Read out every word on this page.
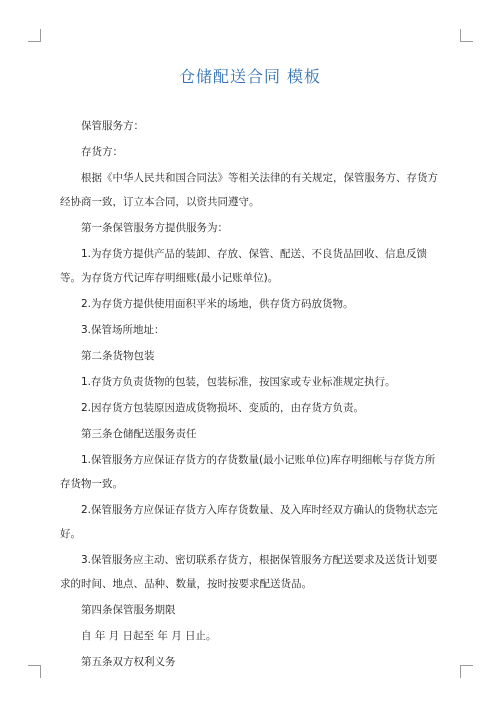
仓储配送合同 模板

保管服务方：

存货方：

根据《中华人民共和国合同法》等相关法律的有关规定，保管服务方、存货方经协商一致，订立本合同，以资共同遵守。

第一条保管服务方提供服务为：

1.为存货方提供产品的装卸、存放、保管、配送、不良货品回收、信息反馈等。为存货方代记库存明细账(最小记账单位)。

2.为存货方提供使用面积平米的场地，供存货方码放货物。

3.保管场所地址：

第二条货物包装

1.存货方负责货物的包装，包装标准，按国家或专业标准规定执行。

2.因存货方包装原因造成货物损坏、变质的，由存货方负责。

第三条仓储配送服务责任

1.保管服务方应保证存货方的存货数量(最小记账单位)库存明细帐与存货方所存货物一致。

2.保管服务方应保证存货方入库存货数量、及入库时经双方确认的货物状态完好。

3.保管服务应主动、密切联系存货方，根据保管服务方配送要求及送货计划要求的时间、地点、品种、数量，按时按要求配送货品。

第四条保管服务期限

自 年 月 日起至 年 月 日止。

第五条双方权利义务
